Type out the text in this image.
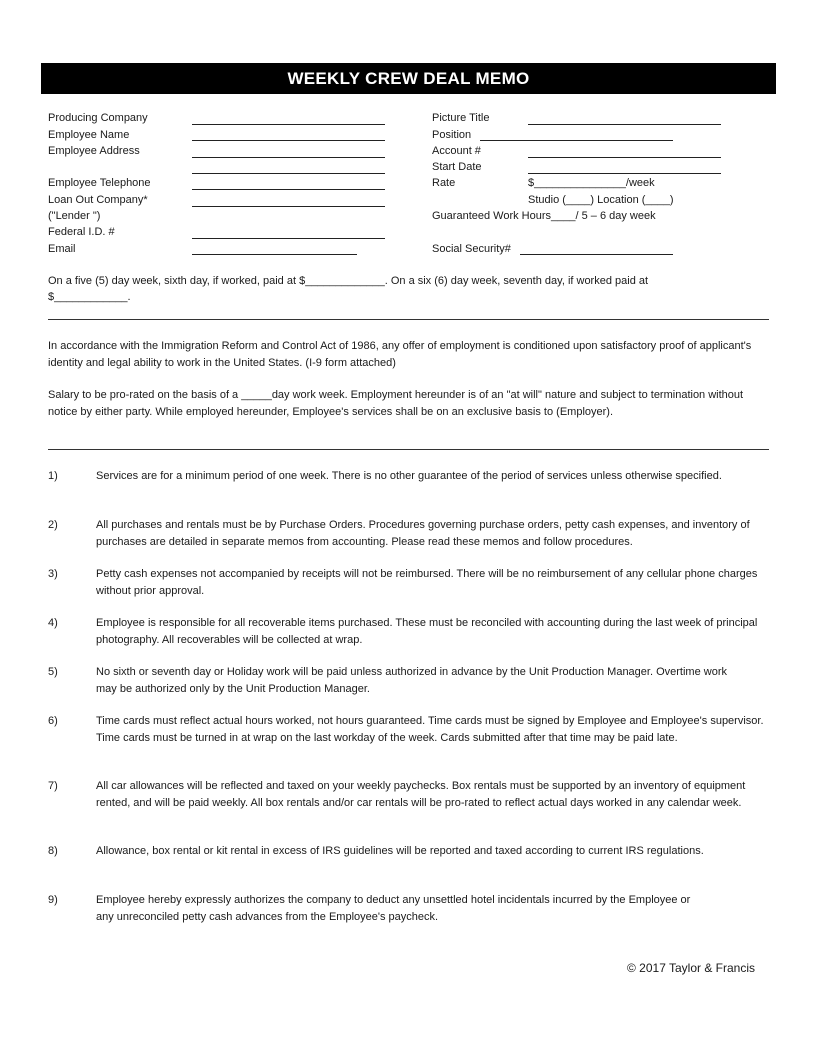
WEEKLY CREW DEAL MEMO
Producing Company
Employee Name
Employee Address
Employee Telephone
Loan Out Company*
("Lender ")
Federal I.D. #
Email
Picture Title
Position
Account #
Start Date
Rate	$_______________/week
Studio (____) Location (____)
Guaranteed Work Hours____/ 5 – 6 day week
Social Security#
On a five (5) day week, sixth day, if worked, paid at $_____________. On a six (6) day week, seventh day, if worked paid at
$____________.
In accordance with the Immigration Reform and Control Act of 1986, any offer of employment is conditioned upon satisfactory proof of applicant's identity and legal ability to work in the United States. (I-9 form attached)
Salary to be pro-rated on the basis of a _____day work week. Employment hereunder is of an "at will" nature and subject to termination without notice by either party. While employed hereunder, Employee's services shall be on an exclusive basis to (Employer).
1)	Services are for a minimum period of one week. There is no other guarantee of the period of services unless otherwise specified.
2)	All purchases and rentals must be by Purchase Orders. Procedures governing purchase orders, petty cash expenses, and inventory of purchases are detailed in separate memos from accounting. Please read these memos and follow procedures.
3)	Petty cash expenses not accompanied by receipts will not be reimbursed. There will be no reimbursement of any cellular phone charges without prior approval.
4)	Employee is responsible for all recoverable items purchased. These must be reconciled with accounting during the last week of principal photography. All recoverables will be collected at wrap.
5)	No sixth or seventh day or Holiday work will be paid unless authorized in advance by the Unit Production Manager. Overtime work may be authorized only by the Unit Production Manager.
6)	Time cards must reflect actual hours worked, not hours guaranteed. Time cards must be signed by Employee and Employee's supervisor. Time cards must be turned in at wrap on the last workday of the week. Cards submitted after that time may be paid late.
7)	All car allowances will be reflected and taxed on your weekly paychecks. Box rentals must be supported by an inventory of equipment rented, and will be paid weekly. All box rentals and/or car rentals will be pro-rated to reflect actual days worked in any calendar week.
8)	Allowance, box rental or kit rental in excess of IRS guidelines will be reported and taxed according to current IRS regulations.
9)	Employee hereby expressly authorizes the company to deduct any unsettled hotel incidentals incurred by the Employee or any unreconciled petty cash advances from the Employee's paycheck.
© 2017 Taylor & Francis
